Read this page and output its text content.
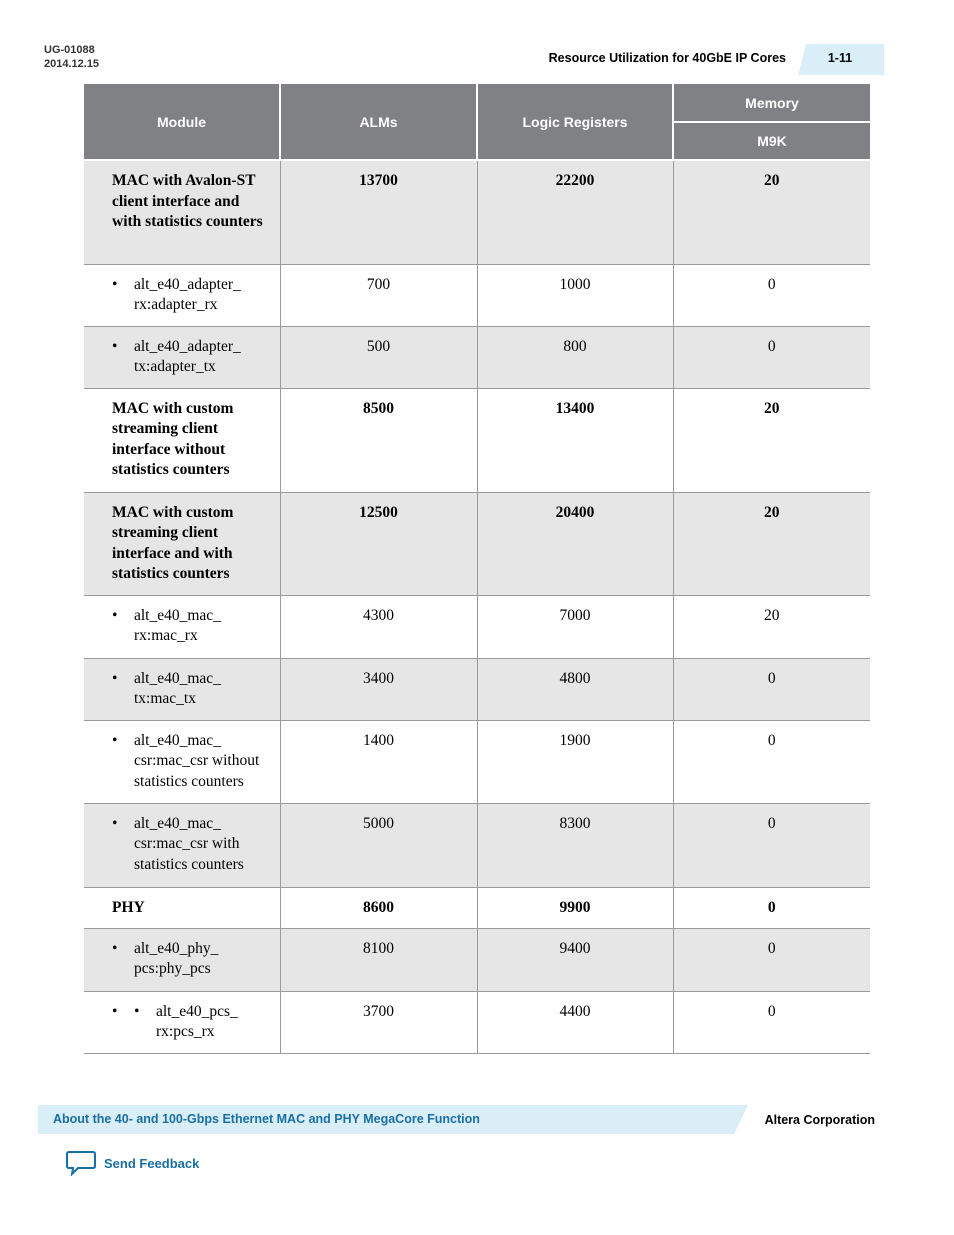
UG-01088
2014.12.15	Resource Utilization for 40GbE IP Cores	1-11
Module	ALMs	Logic Registers	Memory
			M9K
MAC with Avalon-ST client interface and with statistics counters	13700	22200	20

• alt_e40_adapter_ rx:adapter_rx	700	1000	0

• alt_e40_adapter_ tx:adapter_tx	500	800	0
MAC with custom streaming client interface without statistics counters	8500	13400	20
MAC with custom streaming client interface and with statistics counters	12500	20400	20

• alt_e40_mac_ rx:mac_rx	4300	7000	20

• alt_e40_mac_ tx:mac_tx	3400	4800	0

• alt_e40_mac_ csr:mac_csr without statistics counters	1400	1900	0

• alt_e40_mac_ csr:mac_csr with statistics counters	5000	8300	0
PHY	8600	9900	0

• alt_e40_phy_ pcs:phy_pcs	8100	9400	0

• • alt_e40_pcs_ rx:pcs_rx	3700	4400	0
About the 40- and 100-Gbps Ethernet MAC and PHY MegaCore Function	Altera Corporation
Send Feedback
